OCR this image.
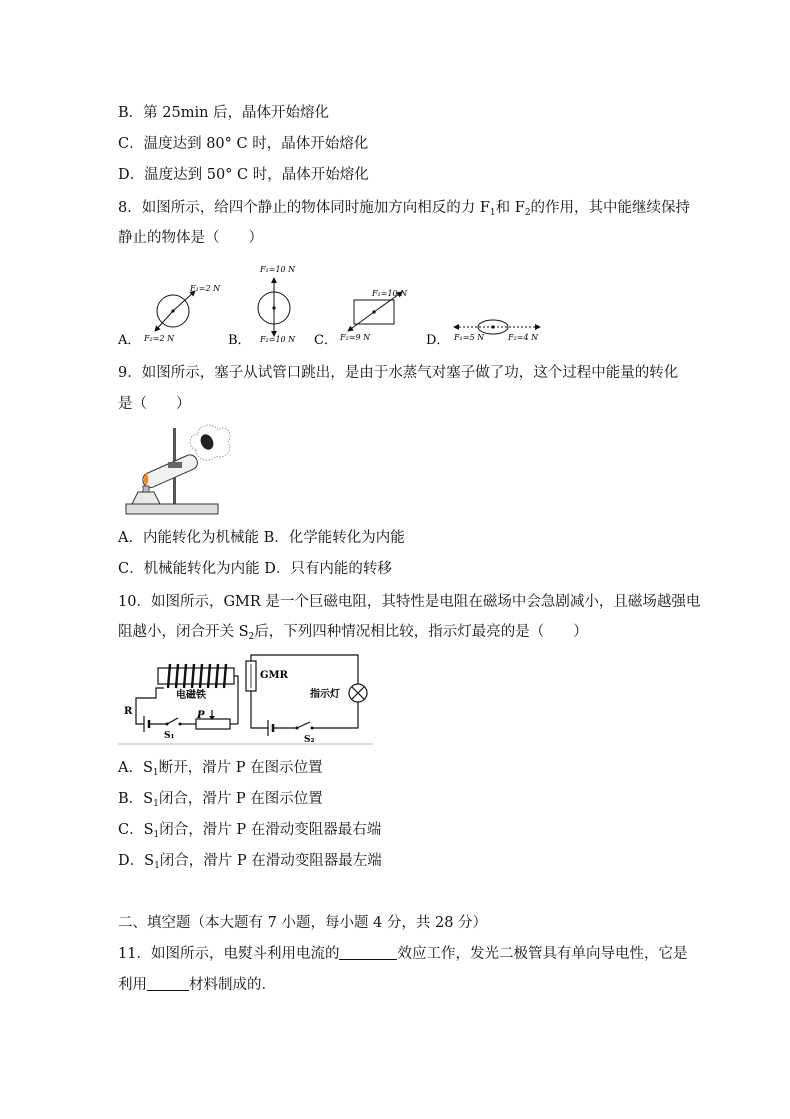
B．第 25min 后，晶体开始熔化
C．温度达到 80° C 时，晶体开始熔化
D．温度达到 50° C 时，晶体开始熔化
8．如图所示，给四个静止的物体同时施加方向相反的力 $F_1$和 $F_2$的作用，其中能继续保持
静止的物体是（　　）
A．
F₁=2 N
F₂=2 N	B．
F₁=10 N
F₂=10 N C．
F₁=10 N
F₂=9 N	D． F₁=5 N	F₂=4 N
9．如图所示，塞子从试管口跳出，是由于水蒸气对塞子做了功，这个过程中能量的转化
是（　　）
A．内能转化为机械能 B．化学能转化为内能
C．机械能转化为内能 D．只有内能的转移
10．如图所示，GMR 是一个巨磁电阻，其特性是电阻在磁场中会急剧减小，且磁场越强电
阻越小，闭合开关 $S_2$后，下列四种情况相比较，指示灯最亮的是（　　）
电磁铁
R
S₁
P
GMR
S₂
指示灯
A．$S_1$断开，滑片 P 在图示位置
B．$S_1$闭合，滑片 P 在图示位置
C．$S_1$闭合，滑片 P 在滑动变阻器最右端
D．$S_1$闭合，滑片 P 在滑动变阻器最左端
二、填空题（本大题有 7 小题，每小题 4 分，共 28 分）
11．如图所示，电熨斗利用电流的	效应工作，发光二极管具有单向导电性，它是
利用	材料制成的．
